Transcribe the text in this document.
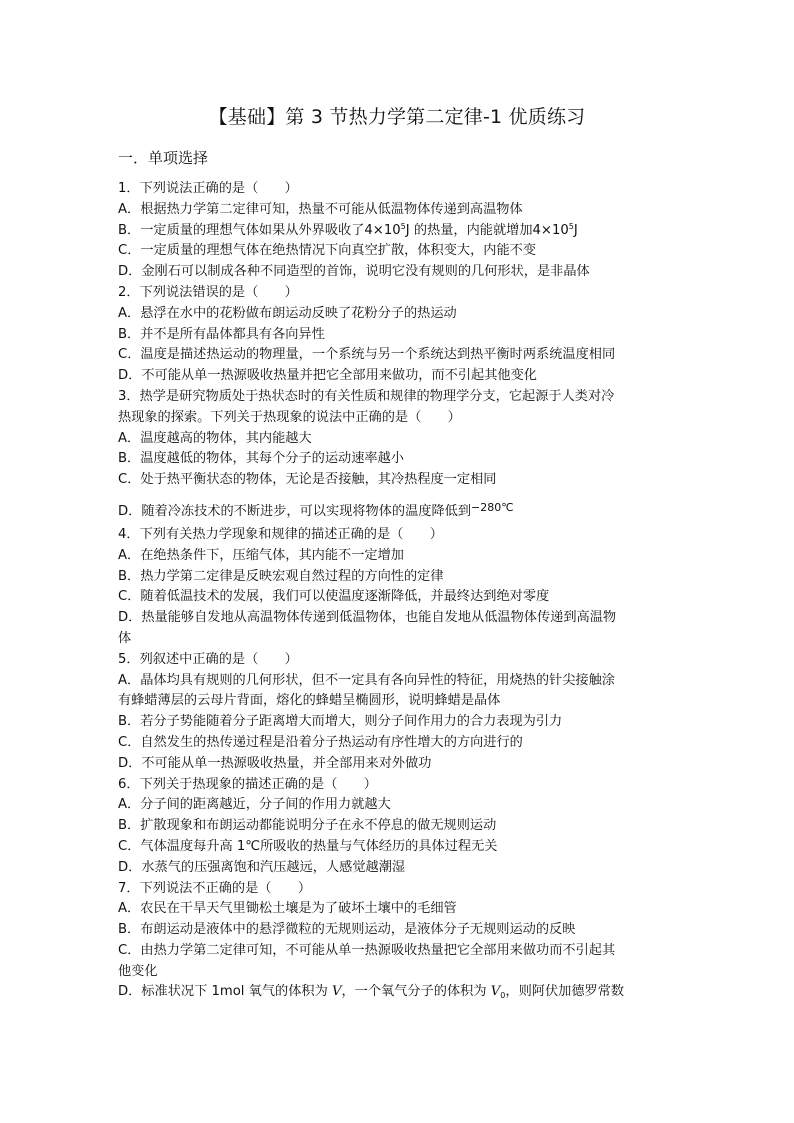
【基础】第 3 节热力学第二定律-1 优质练习
一．单项选择
1．下列说法正确的是（　　）
A．根据热力学第二定律可知，热量不可能从低温物体传递到高温物体
B．一定质量的理想气体如果从外界吸收了$4\times 10^5J$ 的热量，内能就增加$4\times 10^5J$
C．一定质量的理想气体在绝热情况下向真空扩散，体积变大，内能不变
D．金刚石可以制成各种不同造型的首饰，说明它没有规则的几何形状，是非晶体
2．下列说法错误的是（　　）
A．悬浮在水中的花粉做布朗运动反映了花粉分子的热运动
B．并不是所有晶体都具有各向异性
C．温度是描述热运动的物理量，一个系统与另一个系统达到热平衡时两系统温度相同
D．不可能从单一热源吸收热量并把它全部用来做功，而不引起其他变化
3．热学是研究物质处于热状态时的有关性质和规律的物理学分支，它起源于人类对冷
热现象的探索。下列关于热现象的说法中正确的是（　　）
A．温度越高的物体，其内能越大
B．温度越低的物体，其每个分子的运动速率越小
C．处于热平衡状态的物体，无论是否接触，其冷热程度一定相同
D．随着冷冻技术的不断进步，可以实现将物体的温度降低到$^{-280℃}$
4．下列有关热力学现象和规律的描述正确的是（　　）
A．在绝热条件下，压缩气体，其内能不一定增加
B．热力学第二定律是反映宏观自然过程的方向性的定律
C．随着低温技术的发展，我们可以使温度逐渐降低，并最终达到绝对零度
D．热量能够自发地从高温物体传递到低温物体，也能自发地从低温物体传递到高温物
体
5．列叙述中正确的是（　　）
A．晶体均具有规则的几何形状，但不一定具有各向异性的特征，用烧热的针尖接触涂
有蜂蜡薄层的云母片背面，熔化的蜂蜡呈椭圆形，说明蜂蜡是晶体
B．若分子势能随着分子距离增大而增大，则分子间作用力的合力表现为引力
C．自然发生的热传递过程是沿着分子热运动有序性增大的方向进行的
D．不可能从单一热源吸收热量，并全部用来对外做功
6．下列关于热现象的描述正确的是（　　）
A．分子间的距离越近，分子间的作用力就越大
B．扩散现象和布朗运动都能说明分子在永不停息的做无规则运动
C．气体温度每升高 1℃所吸收的热量与气体经历的具体过程无关
D．水蒸气的压强离饱和汽压越远，人感觉越潮湿
7．下列说法不正确的是（　　）
A．农民在干旱天气里锄松土壤是为了破坏土壤中的毛细管
B．布朗运动是液体中的悬浮微粒的无规则运动，是液体分子无规则运动的反映
C．由热力学第二定律可知，不可能从单一热源吸收热量把它全部用来做功而不引起其
他变化
D．标准状况下 1mol 氧气的体积为 V，一个氧气分子的体积为 $V_0$，则阿伏加德罗常数
